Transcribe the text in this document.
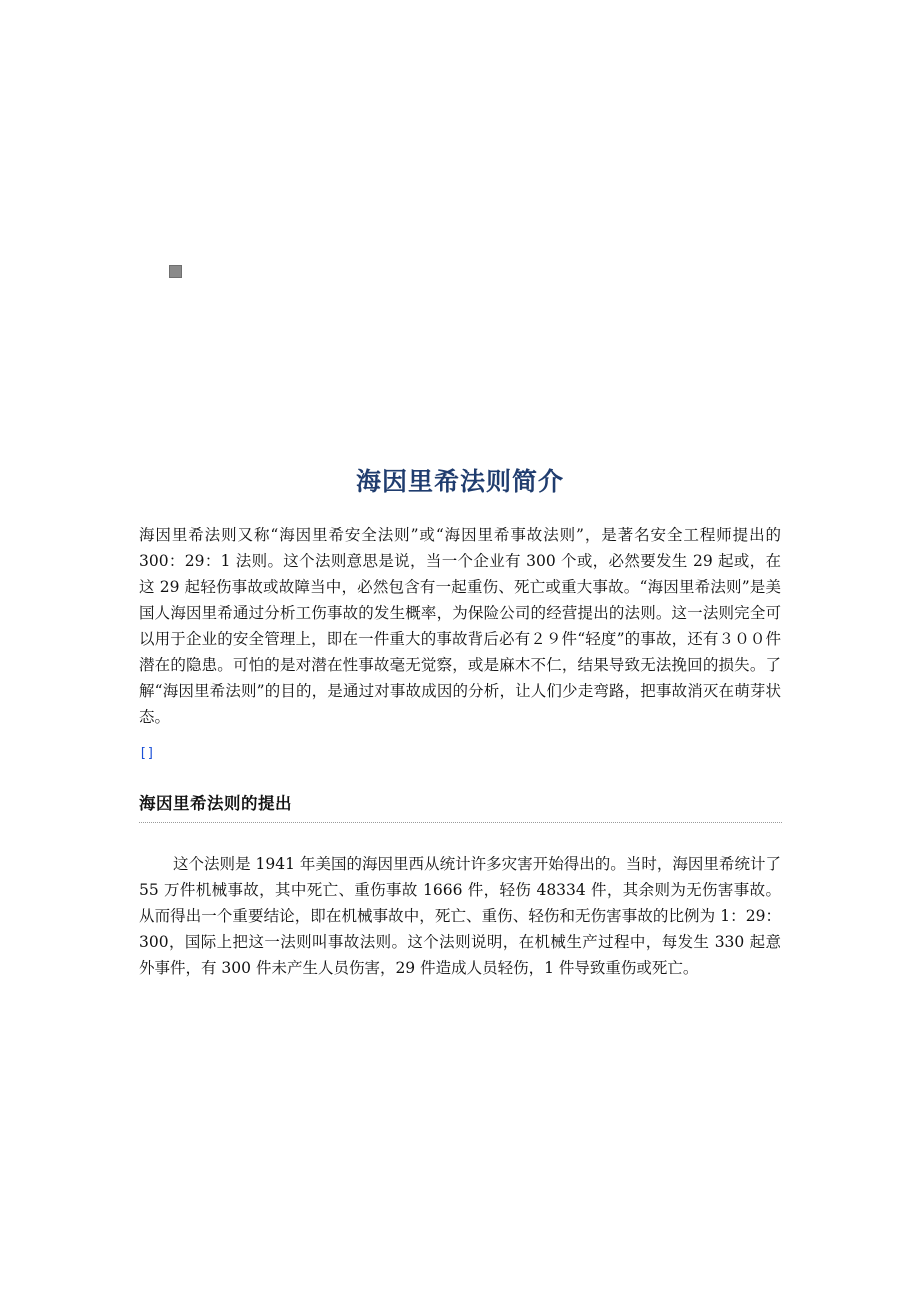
海因里希法则简介
海因里希法则又称“海因里希安全法则”或“海因里希事故法则”，是著名安全工程师提出的 300：29：1 法则。这个法则意思是说，当一个企业有 300 个或，必然要发生 29 起或，在这 29 起轻伤事故或故障当中，必然包含有一起重伤、死亡或重大事故。“海因里希法则”是美国人海因里希通过分析工伤事故的发生概率，为保险公司的经营提出的法则。这一法则完全可以用于企业的安全管理上，即在一件重大的事故背后必有２９件“轻度”的事故，还有３００件潜在的隐患。可怕的是对潜在性事故毫无觉察，或是麻木不仁，结果导致无法挽回的损失。了解“海因里希法则”的目的，是通过对事故成因的分析，让人们少走弯路，把事故消灭在萌芽状态。
[]
海因里希法则的提出
这个法则是 1941 年美国的海因里西从统计许多灾害开始得出的。当时，海因里希统计了 55 万件机械事故，其中死亡、重伤事故 1666 件，轻伤 48334 件，其余则为无伤害事故。从而得出一个重要结论，即在机械事故中，死亡、重伤、轻伤和无伤害事故的比例为 1：29：300，国际上把这一法则叫事故法则。这个法则说明，在机械生产过程中，每发生 330 起意外事件，有 300 件未产生人员伤害，29 件造成人员轻伤，1 件导致重伤或死亡。
